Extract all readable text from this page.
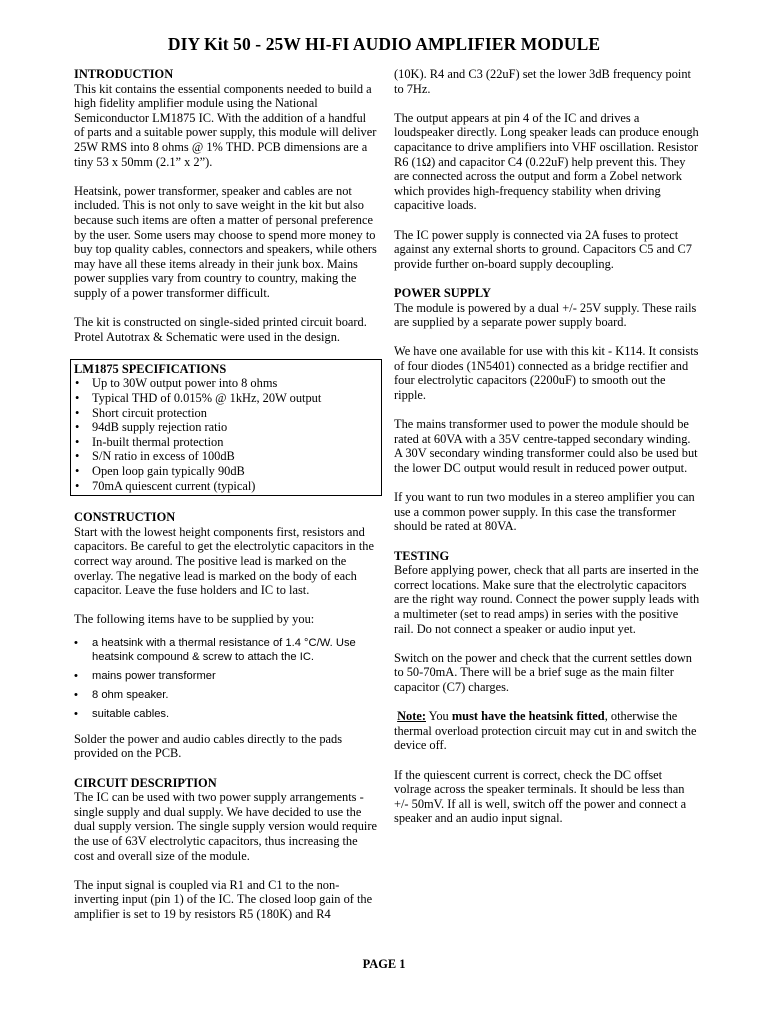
DIY Kit 50 - 25W HI-FI AUDIO AMPLIFIER MODULE
INTRODUCTION

This kit contains the essential components needed to build a high fidelity amplifier module using the National Semiconductor LM1875 IC. With the addition of a handful of parts and a suitable power supply, this module will deliver 25W RMS into 8 ohms @ 1% THD. PCB dimensions are a tiny 53 x 50mm (2.1” x 2”).

Heatsink, power transformer, speaker and cables are not included. This is not only to save weight in the kit but also because such items are often a matter of personal preference by the user. Some users may choose to spend more money to buy top quality cables, connectors and speakers, while others may have all these items already in their junk box. Mains power supplies vary from country to country, making the supply of a power transformer difficult.

The kit is constructed on single-sided printed circuit board. Protel Autotrax & Schematic were used in the design.

LM1875 SPECIFICATIONS
• Up to 30W output power into 8 ohms
• Typical THD of 0.015% @ 1kHz, 20W output
• Short circuit protection
• 94dB supply rejection ratio
• In-built thermal protection
• S/N ratio in excess of 100dB
• Open loop gain typically 90dB
• 70mA quiescent current (typical)
CONSTRUCTION

Start with the lowest height components first, resistors and capacitors. Be careful to get the electrolytic capacitors in the correct way around. The positive lead is marked on the overlay. The negative lead is marked on the body of each capacitor. Leave the fuse holders and IC to last.

The following items have to be supplied by you:

• a heatsink with a thermal resistance of 1.4 °C/W. Use heatsink compound & screw to attach the IC.
• mains power transformer
• 8 ohm speaker.
• suitable cables.

Solder the power and audio cables directly to the pads provided on the PCB.

CIRCUIT DESCRIPTION

The IC can be used with two power supply arrangements - single supply and dual supply. We have decided to use the dual supply version. The single supply version would require the use of 63V electrolytic capacitors, thus increasing the cost and overall size of the module.

The input signal is coupled via R1 and C1 to the non-inverting input (pin 1) of the IC. The closed loop gain of the amplifier is set to 19 by resistors R5 (180K) and R4

(10K). R4 and C3 (22uF) set the lower 3dB frequency point to 7Hz.

The output appears at pin 4 of the IC and drives a loudspeaker directly. Long speaker leads can produce enough capacitance to drive amplifiers into VHF oscillation. Resistor R6 (1Ω) and capacitor C4 (0.22uF) help prevent this. They are connected across the output and form a Zobel network which provides high-frequency stability when driving capacitive loads.

The IC power supply is connected via 2A fuses to protect against any external shorts to ground. Capacitors C5 and C7 provide further on-board supply decoupling.

POWER SUPPLY

The module is powered by a dual +/- 25V supply. These rails are supplied by a separate power supply board.

We have one available for use with this kit - K114. It consists of four diodes (1N5401) connected as a bridge rectifier and four electrolytic capacitors (2200uF) to smooth out the ripple.

The mains transformer used to power the module should be rated at 60VA with a 35V centre-tapped secondary winding. A 30V secondary winding transformer could also be used but the lower DC output would result in reduced power output.

If you want to run two modules in a stereo amplifier you can use a common power supply. In this case the transformer should be rated at 80VA.

TESTING

Before applying power, check that all parts are inserted in the correct locations. Make sure that the electrolytic capacitors are the right way round. Connect the power supply leads with a multimeter (set to read amps) in series with the positive rail. Do not connect a speaker or audio input yet.

Switch on the power and check that the current settles down to 50-70mA. There will be a brief suge as the main filter capacitor (C7) charges.

Note: You must have the heatsink fitted, otherwise the thermal overload protection circuit may cut in and switch the device off.

If the quiescent current is correct, check the DC offset volrage across the speaker terminals. It should be less than +/- 50mV. If all is well, switch off the power and connect a speaker and an audio input signal.

PAGE 1
